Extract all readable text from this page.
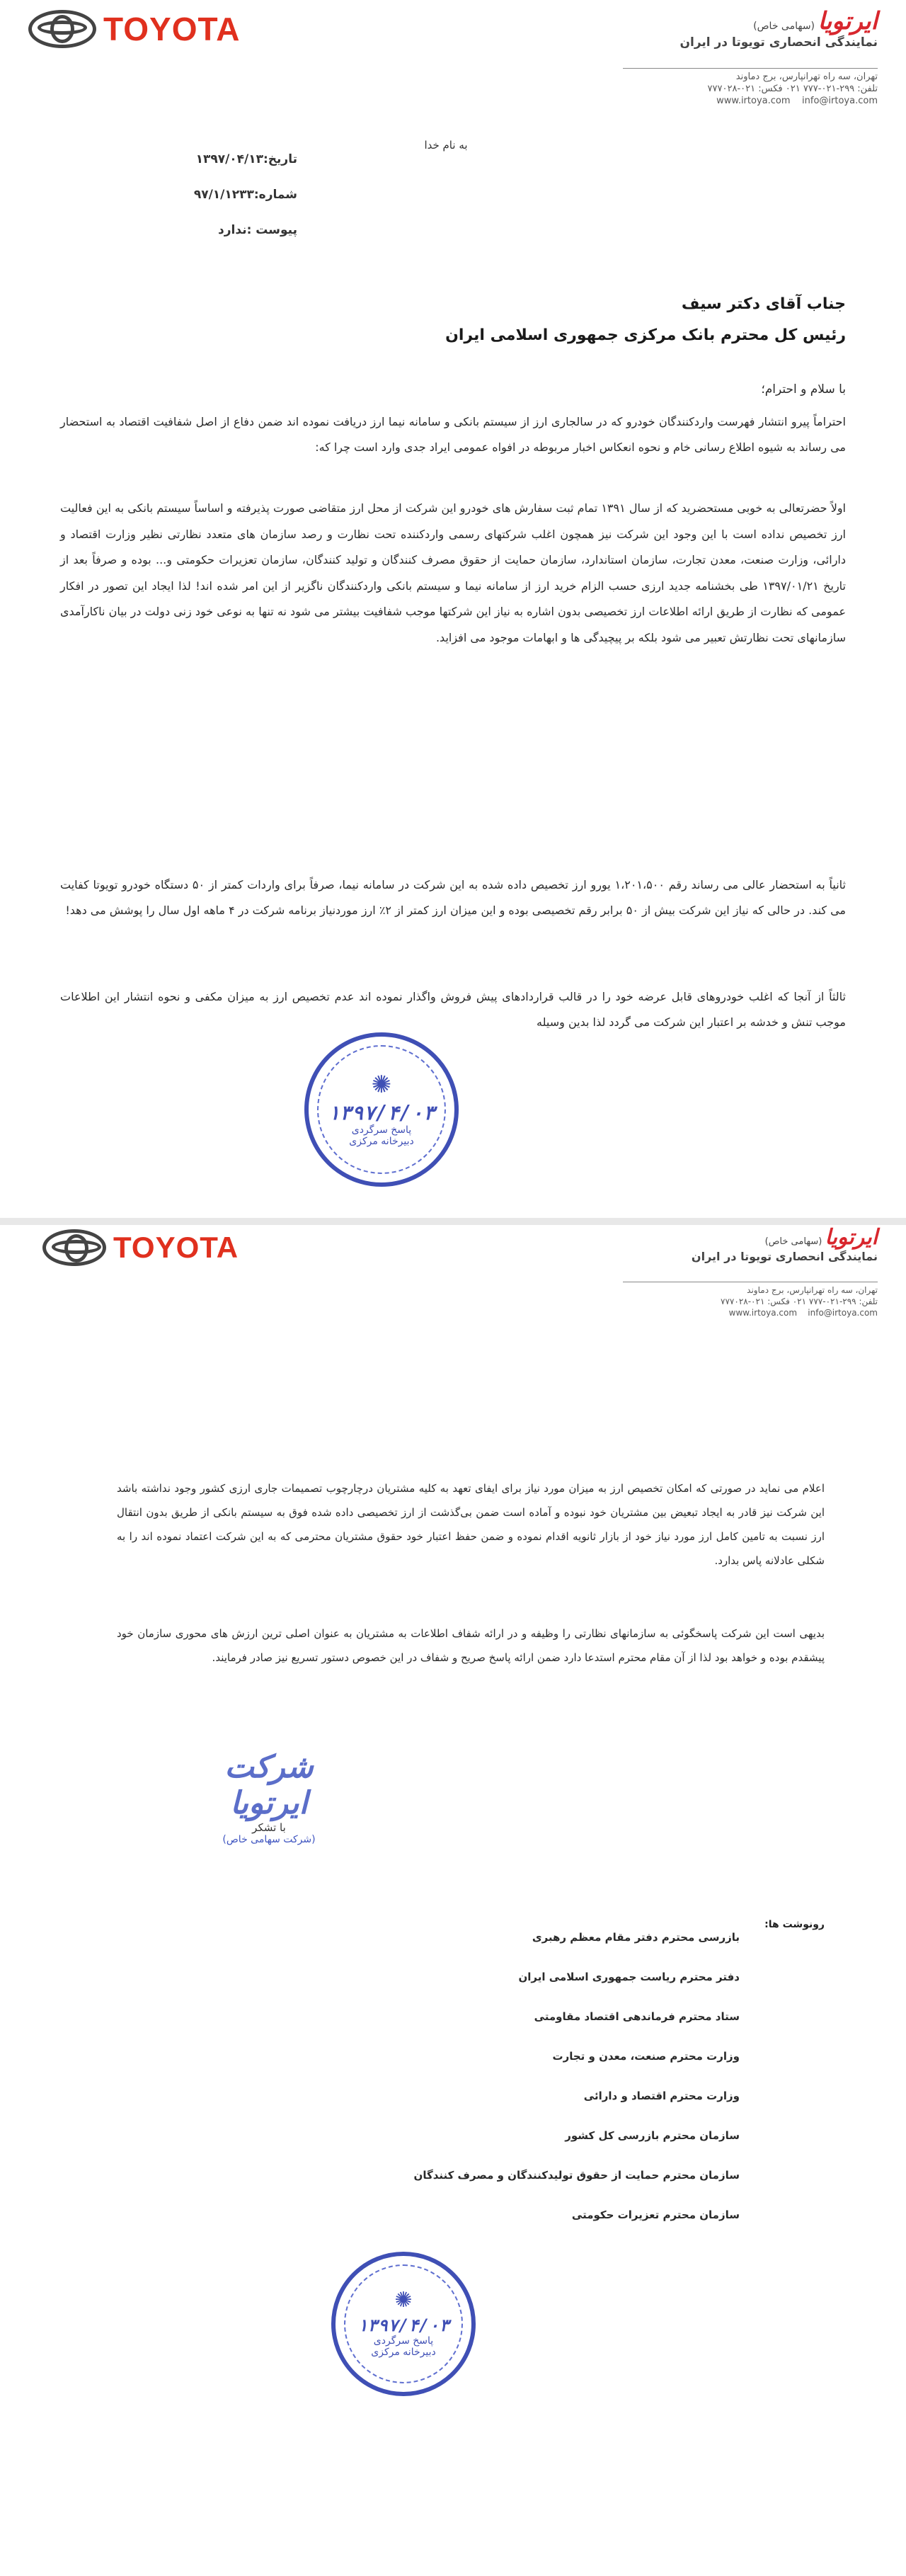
TOYOTA	ایرتویا (سهامی خاص)
نمایندگی انحصاری تویوتا در ایران
تهران، سه راه تهرانپارس، برج دماوند
تلفن: ۲۹۹-۰۲۱-۷۷۷ ۰۲۱ فکس: ۰۲۱-۷۷۷۰۲۸
www.irtoya.com info@irtoya.com
به نام خدا
تاریخ:۱۳۹۷/۰۴/۱۳
شماره:۹۷/۱/۱۲۳۳
پیوست :ندارد
جناب آقای دکتر سیف
رئیس کل محترم بانک مرکزی جمهوری اسلامی ایران
با سلام و احترام؛
احتراماً پیرو انتشار فهرست واردکنندگان خودرو که در سالجاری ارز از سیستم بانکی و سامانه نیما ارز دریافت نموده اند ضمن دفاع از اصل شفافیت اقتصاد به استحضار می رساند به شیوه اطلاع رسانی خام و نحوه انعکاس اخبار مربوطه در افواه عمومی ایراد جدی وارد است چرا که:
اولاً حضرتعالی به خوبی مستحضرید که از سال ۱۳۹۱ تمام ثبت سفارش های خودرو این شرکت از محل ارز متقاضی صورت پذیرفته و اساساً سیستم بانکی به این فعالیت ارز تخصیص نداده است با این وجود این شرکت نیز همچون اغلب شرکتهای رسمی واردکننده تحت نظارت و رصد سازمان های متعدد نظارتی نظیر وزارت اقتصاد و دارائی، وزارت صنعت، معدن تجارت، سازمان استاندارد، سازمان حمایت از حقوق مصرف کنندگان و تولید کنندگان، سازمان تعزیرات حکومتی و... بوده و صرفاً بعد از تاریخ ۱۳۹۷/۰۱/۲۱ طی بخشنامه جدید ارزی حسب الزام خرید ارز از سامانه نیما و سیستم بانکی واردکنندگان ناگزیر از این امر شده اند! لذا ایجاد این تصور در افکار عمومی که نظارت از طریق ارائه اطلاعات ارز تخصیصی بدون اشاره به نیاز این شرکتها موجب شفافیت بیشتر می شود نه تنها به نوعی خود زنی دولت در بیان ناکارآمدی سازمانهای تحت نظارتش تعبیر می شود بلکه بر پیچیدگی ها و ابهامات موجود می افزاید.
ثانیاً به استحضار عالی می رساند رقم ۱،۲۰۱،۵۰۰ یورو ارز تخصیص داده شده به این شرکت در سامانه نیما، صرفاً برای واردات کمتر از ۵۰ دستگاه خودرو تویوتا کفایت می کند. در حالی که نیاز این شرکت بیش از ۵۰ برابر رقم تخصیصی بوده و این میزان ارز کمتر از ۲٪ ارز موردنیاز برنامه شرکت در ۴ ماهه اول سال را پوشش می دهد!
ثالثاً از آنجا که اغلب خودروهای قابل عرضه خود را در قالب قراردادهای پیش فروش واگذار نموده اند عدم تخصیص ارز به میزان مکفی و نحوه انتشار این اطلاعات موجب تنش و خدشه بر اعتبار این شرکت می گردد لذا بدین وسیله
✺
۱۳۹۷/۴/۰۳
پاسخ سرگردی
دبیرخانه مرکزی
TOYOTA	ایرتویا (سهامی خاص)
نمایندگی انحصاری تویوتا در ایران
تهران، سه راه تهرانپارس، برج دماوند
تلفن: ۲۹۹-۰۲۱-۷۷۷ ۰۲۱ فکس: ۰۲۱-۷۷۷۰۲۸
www.irtoya.com info@irtoya.com
اعلام می نماید در صورتی که امکان تخصیص ارز به میزان مورد نیاز برای ایفای تعهد به کلیه مشتریان درچارچوب تصمیمات جاری ارزی کشور وجود نداشته باشد این شرکت نیز قادر به ایجاد تبعیض بین مشتریان خود نبوده و آماده است ضمن بی‌گذشت از ارز تخصیصی داده شده فوق به سیستم بانکی از طریق بدون انتقال ارز نسبت به تامین کامل ارز مورد نیاز خود از بازار ثانویه اقدام نموده و ضمن حفظ اعتبار خود حقوق مشتریان محترمی که به این شرکت اعتماد نموده اند را به شکلی عادلانه پاس بدارد.
بدیهی است این شرکت پاسخگوئی به سازمانهای نظارتی را وظیفه و در ارائه شفاف اطلاعات به مشتریان به عنوان اصلی ترین ارزش های محوری سازمان خود پیشقدم بوده و خواهد بود لذا از آن مقام محترم استدعا دارد ضمن ارائه پاسخ صریح و شفاف در این خصوص دستور تسریع نیز صادر فرمایند.
شرکت ایرتویا
با تشکر
(شرکت سهامی خاص)
رونوشت ها:
بازرسی محترم دفتر مقام معظم رهبری
دفتر محترم ریاست جمهوری اسلامی ایران
ستاد محترم فرماندهی اقتصاد مقاومتی
وزارت محترم صنعت، معدن و تجارت
وزارت محترم اقتصاد و دارائی
سازمان محترم بازرسی کل کشور
سازمان محترم حمایت از حقوق تولیدکنندگان و مصرف کنندگان
سازمان محترم تعزیرات حکومتی
✺
۱۳۹۷/۴/۰۳
پاسخ سرگردی
دبیرخانه مرکزی
